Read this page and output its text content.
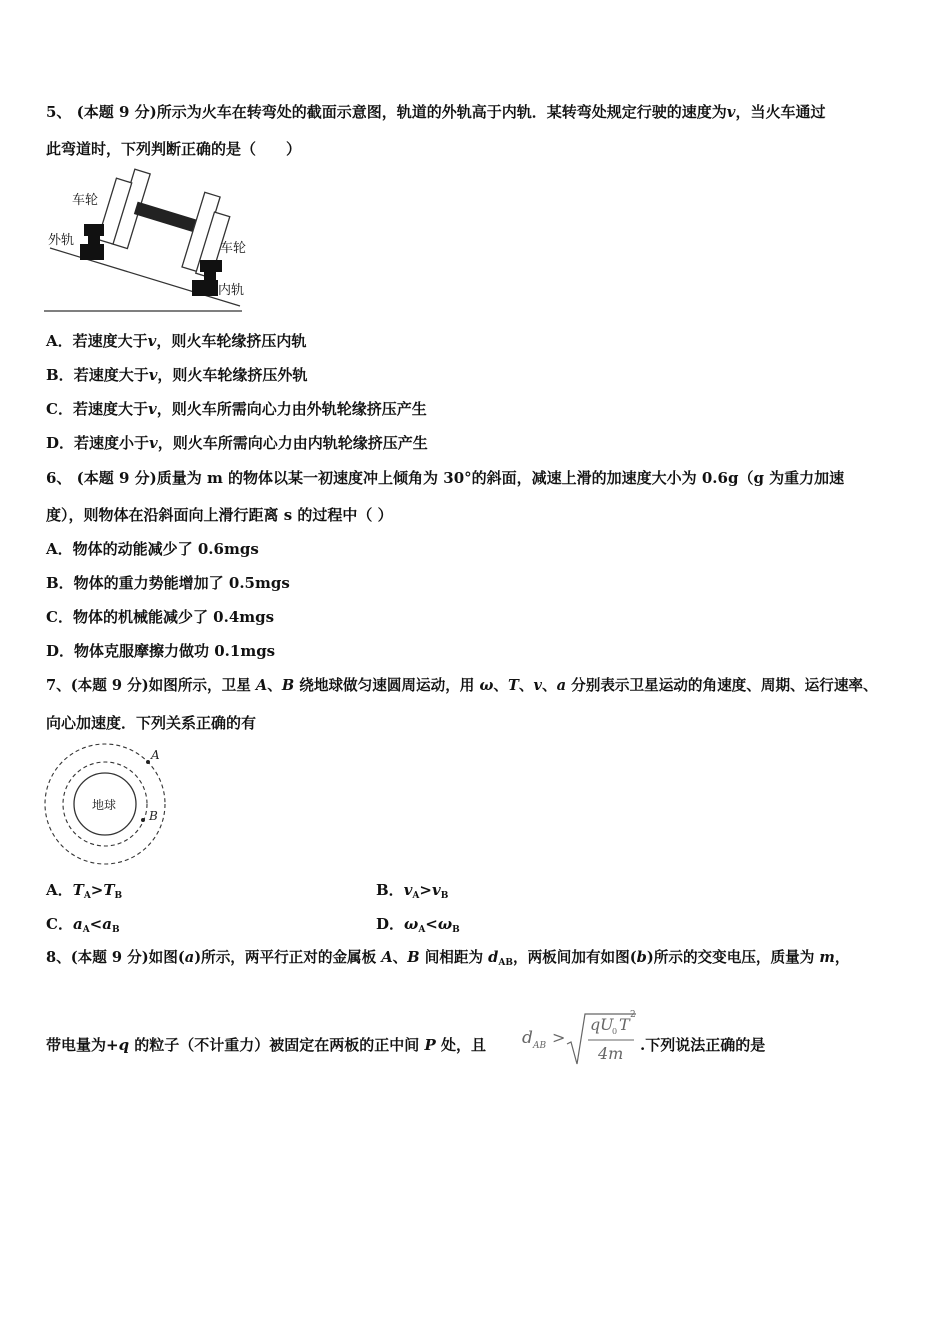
5、 (本题 9 分)所示为火车在转弯处的截面示意图，轨道的外轨高于内轨．某转弯处规定行驶的速度为v，当火车通过
此弯道时，下列判断正确的是（　　）
车轮
外轨
车轮
内轨
A．若速度大于v，则火车轮缘挤压内轨
B．若速度大于v，则火车轮缘挤压外轨
C．若速度大于v，则火车所需向心力由外轨轮缘挤压产生
D．若速度小于v，则火车所需向心力由内轨轮缘挤压产生
6、 (本题 9 分)质量为 m 的物体以某一初速度冲上倾角为 30°的斜面，减速上滑的加速度大小为 0.6g（g 为重力加速
度），则物体在沿斜面向上滑行距离 s 的过程中（ ）
A．物体的动能减少了 0.6mgs
B．物体的重力势能增加了 0.5mgs
C．物体的机械能减少了 0.4mgs
D．物体克服摩擦力做功 0.1mgs
7、(本题 9 分)如图所示，卫星 A、B 绕地球做匀速圆周运动，用 ω、T、v、a 分别表示卫星运动的角速度、周期、运行速率、
向心加速度．下列关系正确的有
地球
A
B
A．$T_A>T_B$	B．$v_A>v_B$
C．$a_A<a_B$	D．$\omega_A<\omega_B$
8、(本题 9 分)如图(a)所示，两平行正对的金属板 A、B 间相距为 $d_{AB}$，两板间加有如图(b)所示的交变电压，质量为 m，
带电量为+q 的粒子（不计重力）被固定在两板的正中间 P 处，且 d AB >
q U
0 T 2
4m .下列说法正确的是
